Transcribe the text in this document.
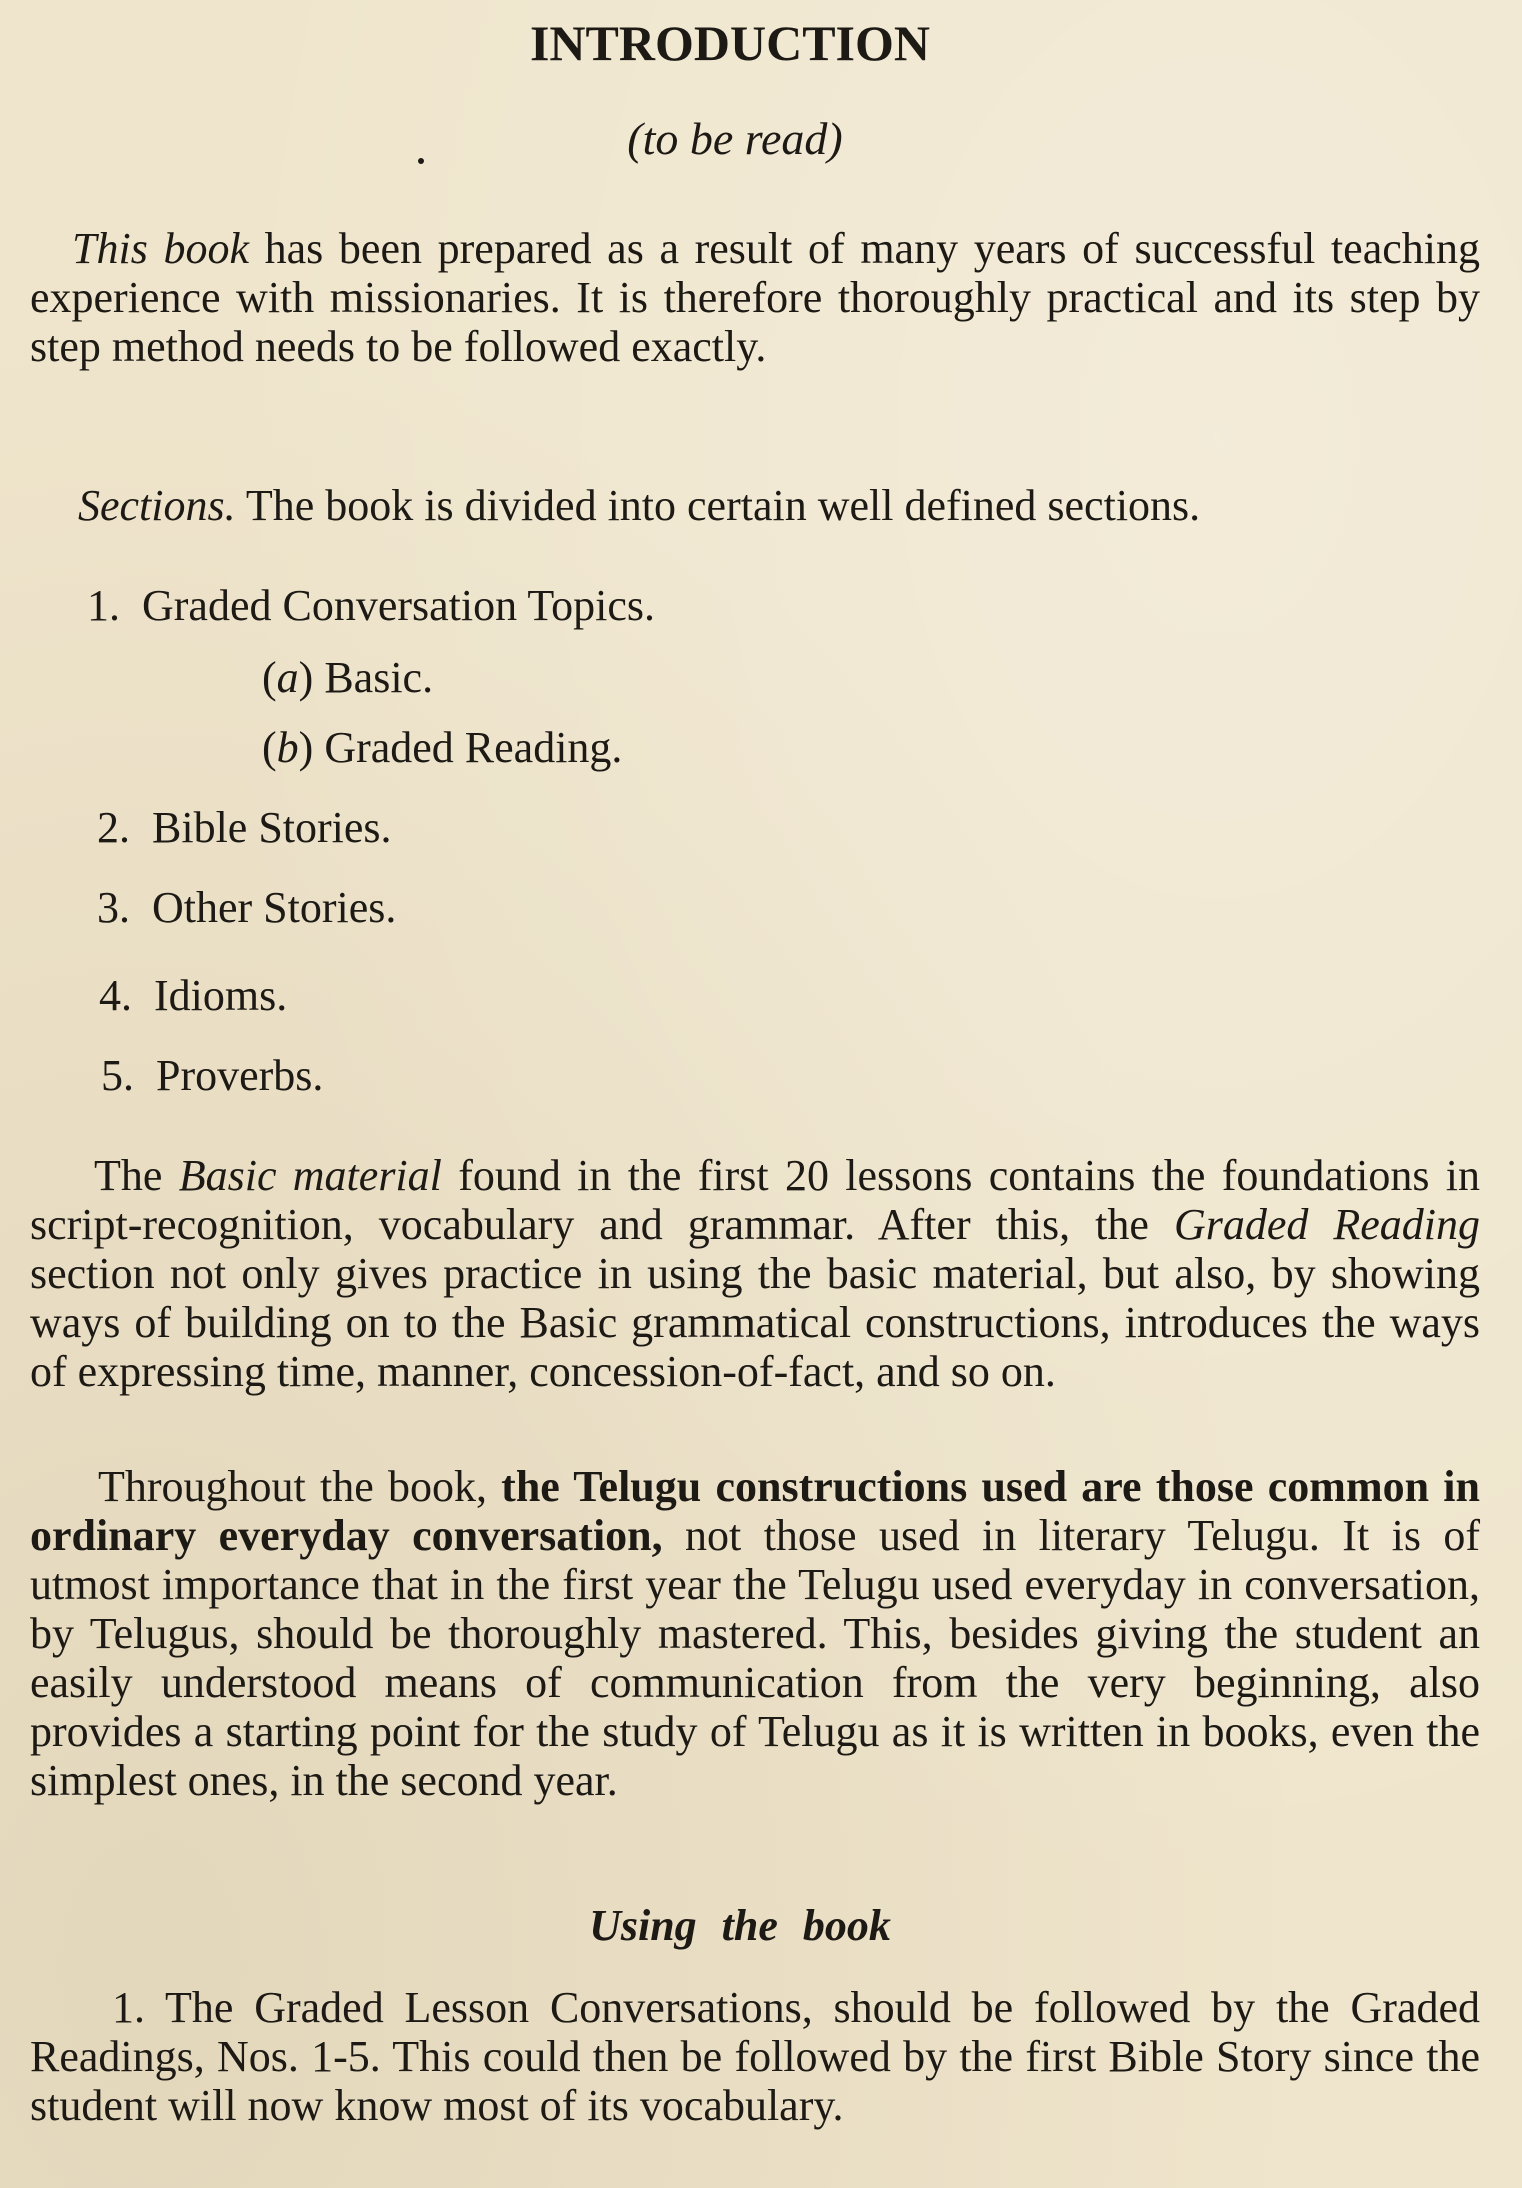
INTRODUCTION
(to be read)

This book has been prepared as a result of many years of successful teaching experience with missionaries. It is therefore thoroughly practical and its step by step method needs to be followed exactly.

Sections. The book is divided into certain well defined sections.

1. Graded Conversation Topics.
(a) Basic.
(b) Graded Reading.
2. Bible Stories.
3. Other Stories.
4. Idioms.
5. Proverbs.

The Basic material found in the first 20 lessons contains the foundations in script-recognition, vocabulary and grammar. After this, the Graded Reading section not only gives practice in using the basic material, but also, by showing ways of building on to the Basic grammatical constructions, introduces the ways of expressing time, manner, concession-of-fact, and so on.

Throughout the book, the Telugu constructions used are those common in ordinary everyday conversation, not those used in literary Telugu. It is of utmost importance that in the first year the Telugu used everyday in conversation, by Telugus, should be thoroughly mastered. This, besides giving the student an easily understood means of communication from the very beginning, also provides a starting point for the study of Telugu as it is written in books, even the simplest ones, in the second year.

Using the book

1. The Graded Lesson Conversations, should be followed by the Graded Readings, Nos. 1-5. This could then be followed by the first Bible Story since the student will now know most of its vocabulary.
